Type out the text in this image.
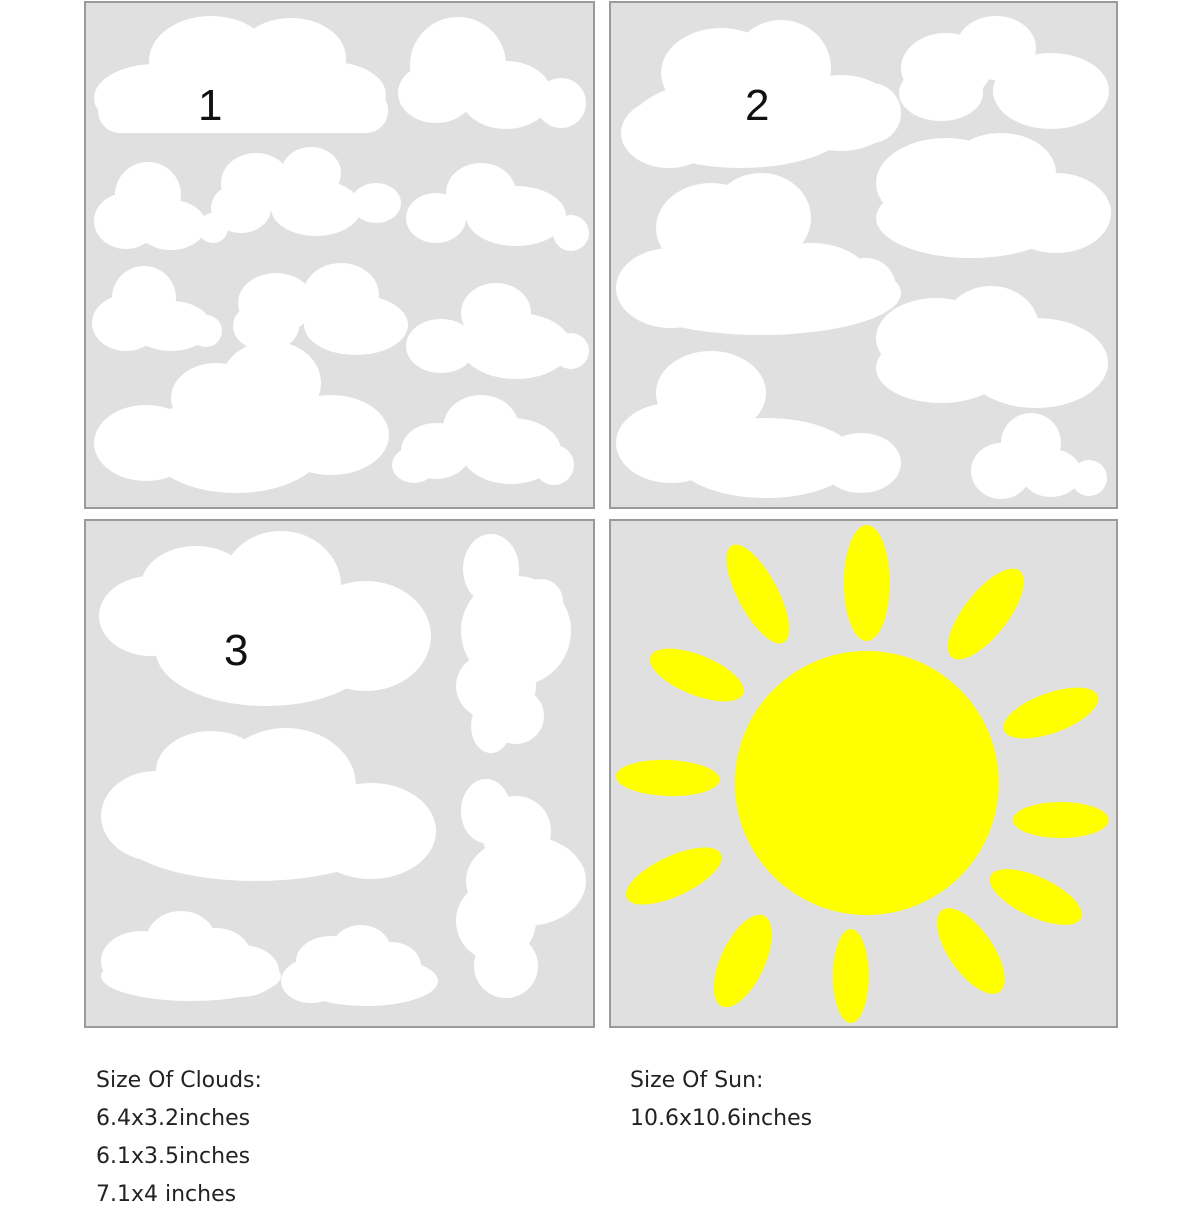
1	2
3
Size Of Clouds:
6.4x3.2inches
6.1x3.5inches
7.1x4 inches
Size Of Sun:
10.6x10.6inches
